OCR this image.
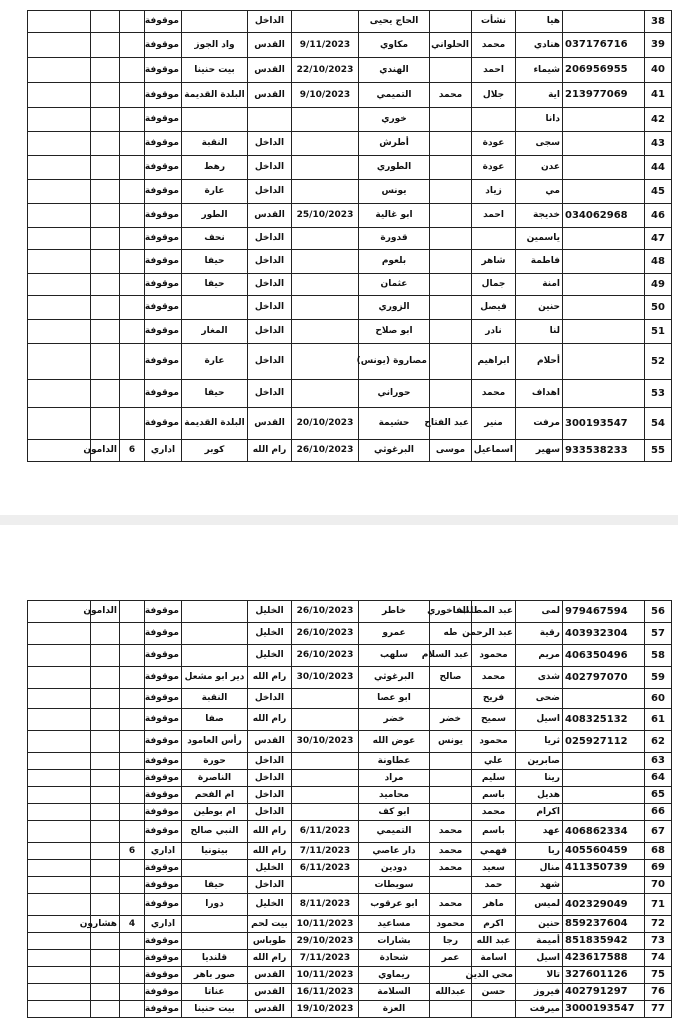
38		هيا	نشأت		الحاج يحيى		الداخل		موقوفة			
39	037176716	هنادي	محمد	الحلواني	مكاوي	9/11/2023	القدس	واد الجوز	موقوفة			
40	206956955	شيماء	احمد		الهندي	22/10/2023	القدس	بيت حنينا	موقوفة			
41	213977069	اية	جلال	محمد	التميمي	9/10/2023	القدس	البلدة القديمة	موقوفة			
42		دانا			خوري				موقوفة			
43		سجى	عودة		أطرش		الداخل	النقبة	موقوفة			
44		عدن	عودة		الطوري		الداخل	رهط	موقوفة			
45		مي	زياد		يونس		الداخل	عارة	موقوفة			
46	034062968	خديجة	احمد		ابو غالية	25/10/2023	القدس	الطور	موقوفة			
47		ياسمين			قدورة		الداخل	نحف	موقوفة			
48		فاطمة	شاهر		بلعوم		الداخل	حيفا	موقوفة			
49		امنة	جمال		عثمان		الداخل	حيفا	موقوفة			
50		حنين	فيصل		الزوري		الداخل		موقوفة			
51		لنا	نادر		ابو صلاح		الداخل	المغار	موقوفة			
52		أحلام	ابراهيم		مصاروة (يونس)		الداخل	عارة	موقوفة			
53		اهداف	محمد		حوراني		الداخل	حيفا	موقوفة			
54	300193547	مرفت	منير	عبد الفتاح	حشيمة	20/10/2023	القدس	البلدة القديمة	موقوفة			
55	933538233	سهير	اسماعيل	موسى	البرغوثي	26/10/2023	رام الله	كوبر	اداري	6	الدامون	
56	979467594	لمى	عبد المطلب	الفاخوري	خاطر	26/10/2023	الخليل		موقوفة		الدامون	
57	403932304	رقية	عبد الرحمن	طه	عمرو	26/10/2023	الخليل		موقوفة			
58	406350496	مريم	محمود	عبد السلام	سلهب	26/10/2023	الخليل		موقوفة			
59	402797070	شذى	محمد	صالح	البرغوثي	30/10/2023	رام الله	دير ابو مشعل	موقوفة			
60		ضحى	فريح		ابو عصا		الداخل	النقبة	موقوفة			
61	408325132	اسيل	سميح	خضر	خضر		رام الله	صفا	موقوفة			
62	025927112	ثريا	محمود	يونس	عوض الله	30/10/2023	القدس	رأس العامود	موقوفة			
63		صابرين	علي		عطاونة		الداخل	حورة	موقوفة			
64		رينا	سليم		مراد		الداخل	الناصرة	موقوفة			
65		هديل	باسم		محاميد		الداخل	ام الفحم	موقوفة			
66		اكرام	محمد		ابو كف		الداخل	ام بوطين	موقوفة			
67	406862334	عهد	باسم	محمد	التميمي	6/11/2023	رام الله	النبي صالح	موقوفة			
68	405560459	ربا	فهمي	محمد	دار عاصي	7/11/2023	رام الله	بيتونيا	اداري	6		
69	411350739	منال	سعيد	محمد	دودين	6/11/2023	الخليل		موقوفة			
70		شهد	حمد		سويطات		الداخل	حيفا	موقوفة			
71	402329049	لميس	ماهر	محمد	ابو عرقوب	8/11/2023	الخليل	دورا	موقوفة			
72	859237604	حنين	اكرم	محمود	مساعيد	10/11/2023	بيت لحم		اداري	4	هشارون	
73	851835942	أميمة	عبد الله	رجا	بشارات	29/10/2023	طوباس		موقوفة			
74	423617588	اسيل	اسامة	عمر	شحادة	7/11/2023	رام الله	قلنديا	موقوفة			
75	327601126	تالا	محي الدين		ريماوي	10/11/2023	القدس	صور باهر	موقوفة			
76	402791297	فيروز	حسن	عبدالله	السلامة	16/11/2023	القدس	عناتا	موقوفة			
77	3000193547	ميرفت			العزة	19/10/2023	القدس	بيت حنينا	موقوفة			
